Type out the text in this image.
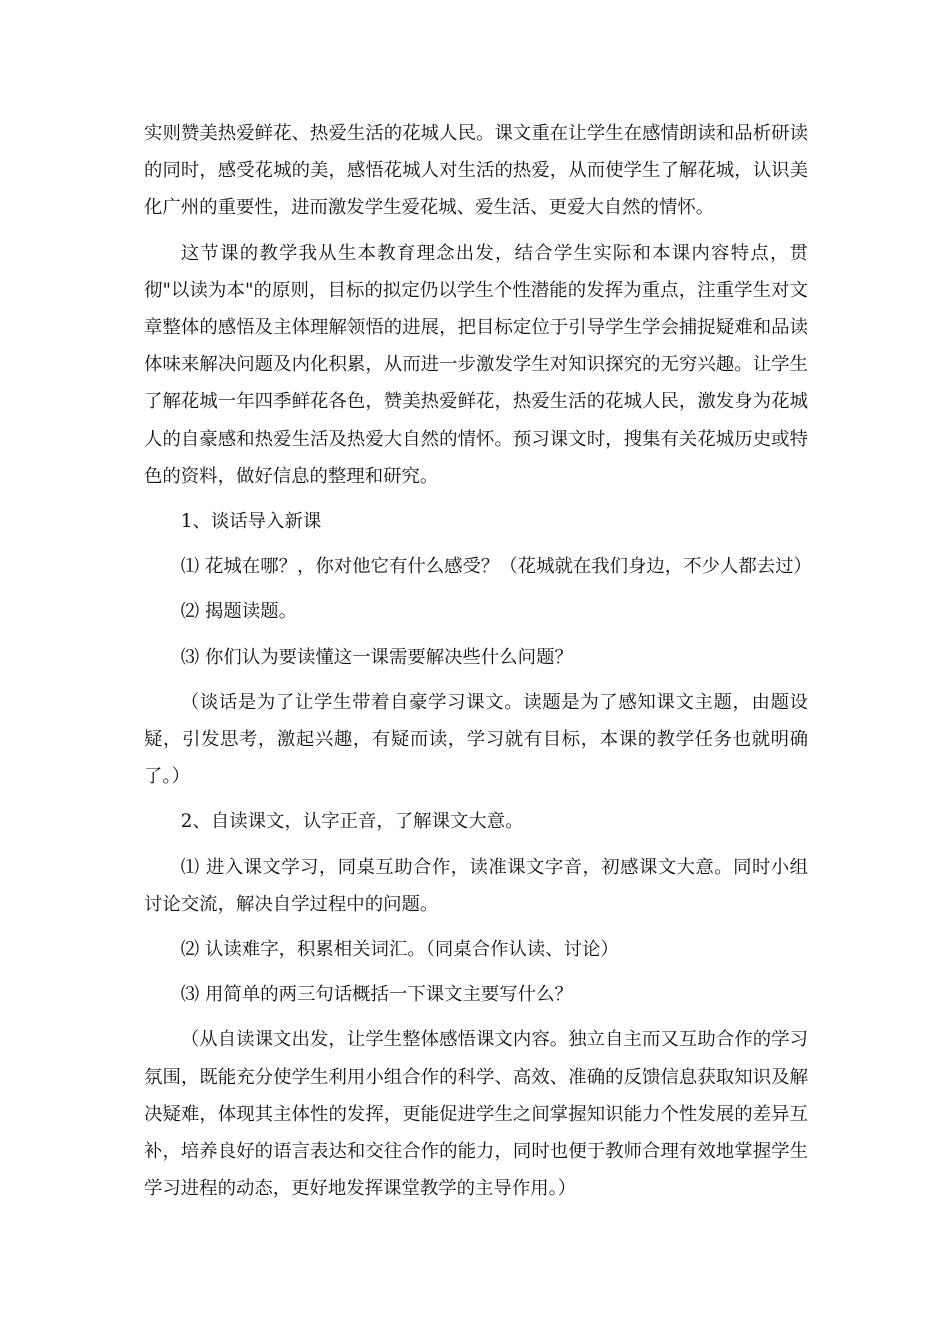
实则赞美热爱鲜花、热爱生活的花城人民。课文重在让学生在感情朗读和品析研读的同时，感受花城的美，感悟花城人对生活的热爱，从而使学生了解花城，认识美化广州的重要性，进而激发学生爱花城、爱生活、更爱大自然的情怀。

这节课的教学我从生本教育理念出发，结合学生实际和本课内容特点，贯彻"以读为本"的原则，目标的拟定仍以学生个性潜能的发挥为重点，注重学生对文章整体的感悟及主体理解领悟的进展，把目标定位于引导学生学会捕捉疑难和品读体味来解决问题及内化积累，从而进一步激发学生对知识探究的无穷兴趣。让学生了解花城一年四季鲜花各色，赞美热爱鲜花，热爱生活的花城人民，激发身为花城人的自豪感和热爱生活及热爱大自然的情怀。预习课文时，搜集有关花城历史或特色的资料，做好信息的整理和研究。

1、谈话导入新课

⑴ 花城在哪？，你对他它有什么感受？（花城就在我们身边，不少人都去过）

⑵ 揭题读题。

⑶ 你们认为要读懂这一课需要解决些什么问题？

（谈话是为了让学生带着自豪学习课文。读题是为了感知课文主题，由题设疑，引发思考，激起兴趣，有疑而读，学习就有目标，本课的教学任务也就明确了。）

2、自读课文，认字正音，了解课文大意。

⑴ 进入课文学习，同桌互助合作，读准课文字音，初感课文大意。同时小组讨论交流，解决自学过程中的问题。

⑵ 认读难字，积累相关词汇。（同桌合作认读、讨论）

⑶ 用简单的两三句话概括一下课文主要写什么？

（从自读课文出发，让学生整体感悟课文内容。独立自主而又互助合作的学习氛围，既能充分使学生利用小组合作的科学、高效、准确的反馈信息获取知识及解决疑难，体现其主体性的发挥，更能促进学生之间掌握知识能力个性发展的差异互补，培养良好的语言表达和交往合作的能力，同时也便于教师合理有效地掌握学生学习进程的动态，更好地发挥课堂教学的主导作用。）
